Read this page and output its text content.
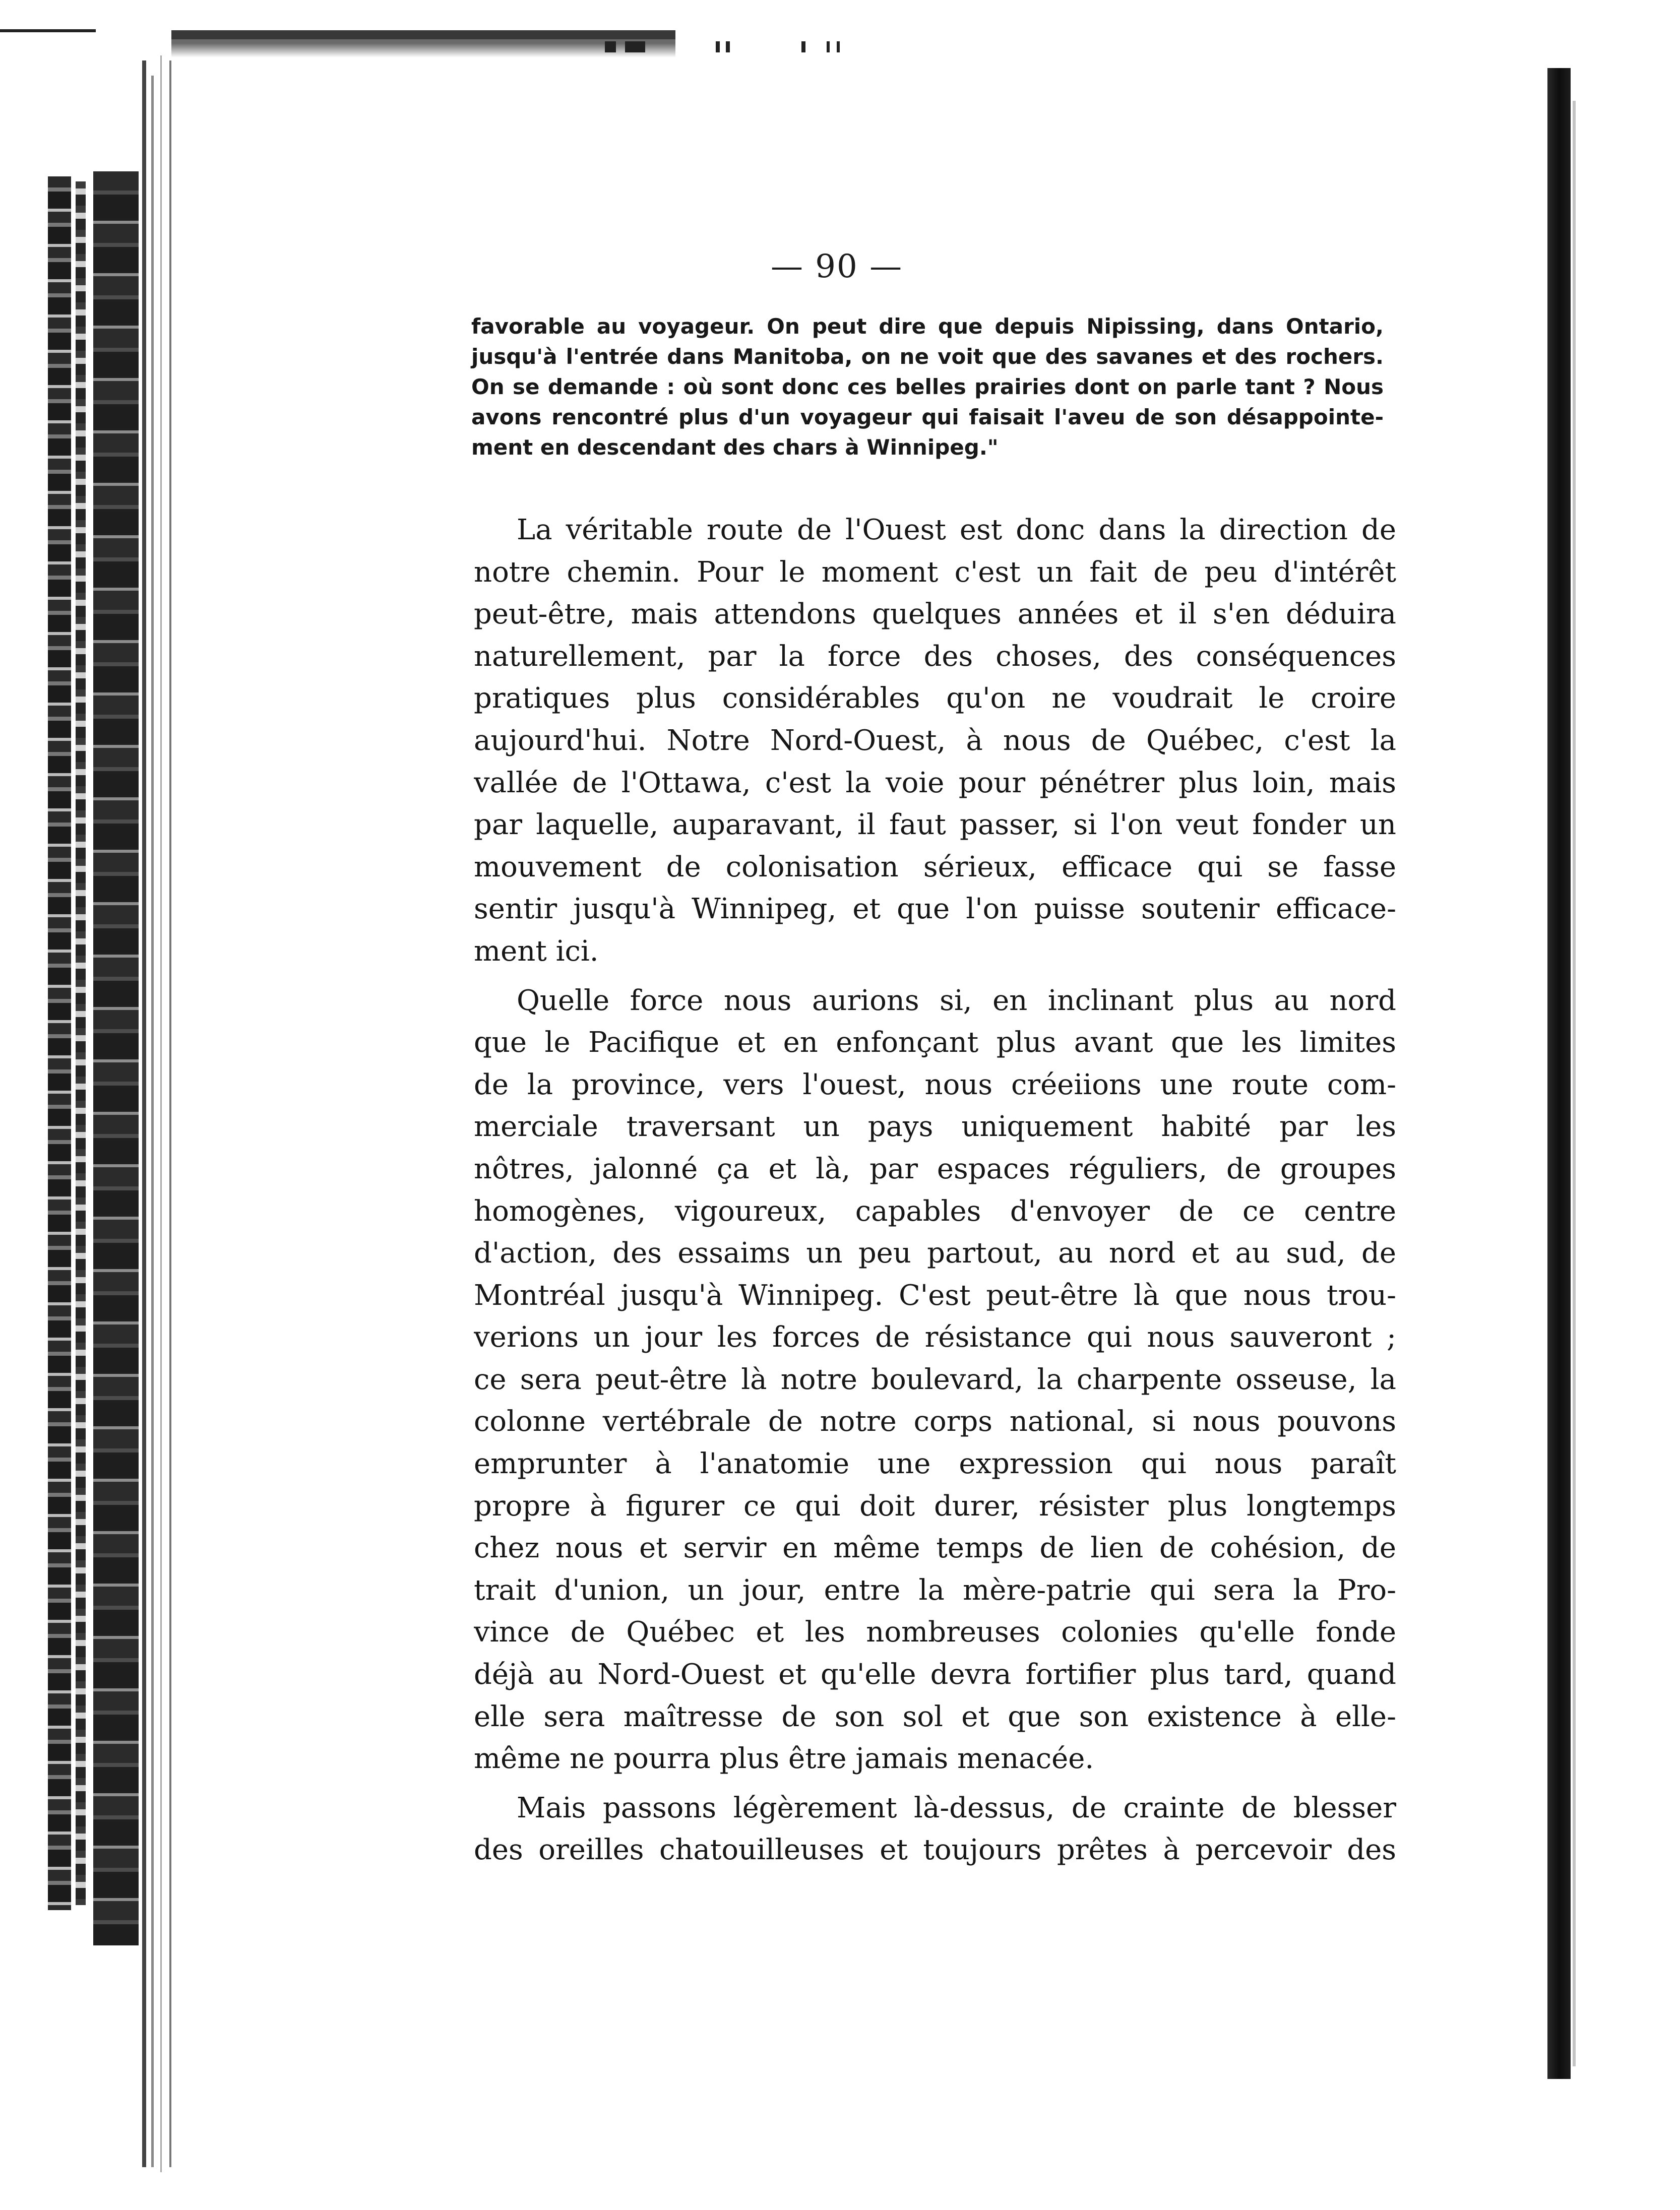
— 90 —
favorable au voyageur. On peut dire que depuis Nipissing, dans Ontario,
jusqu'à l'entrée dans Manitoba, on ne voit que des savanes et des rochers.
On se demande : où sont donc ces belles prairies dont on parle tant ? Nous
avons rencontré plus d'un voyageur qui faisait l'aveu de son désappointe-
ment en descendant des chars à Winnipeg."
La véritable route de l'Ouest est donc dans la direction de
notre chemin. Pour le moment c'est un fait de peu d'intérêt
peut-être, mais attendons quelques années et il s'en déduira
naturellement, par la force des choses, des conséquences
pratiques plus considérables qu'on ne voudrait le croire
aujourd'hui. Notre Nord-Ouest, à nous de Québec, c'est la
vallée de l'Ottawa, c'est la voie pour pénétrer plus loin, mais
par laquelle, auparavant, il faut passer, si l'on veut fonder un
mouvement de colonisation sérieux, efficace qui se fasse
sentir jusqu'à Winnipeg, et que l'on puisse soutenir efficace-
ment ici.
Quelle force nous aurions si, en inclinant plus au nord
que le Pacifique et en enfonçant plus avant que les limites
de la province, vers l'ouest, nous créeiions une route com-
merciale traversant un pays uniquement habité par les
nôtres, jalonné ça et là, par espaces réguliers, de groupes
homogènes, vigoureux, capables d'envoyer de ce centre
d'action, des essaims un peu partout, au nord et au sud, de
Montréal jusqu'à Winnipeg. C'est peut-être là que nous trou-
verions un jour les forces de résistance qui nous sauveront ;
ce sera peut-être là notre boulevard, la charpente osseuse, la
colonne vertébrale de notre corps national, si nous pouvons
emprunter à l'anatomie une expression qui nous paraît
propre à figurer ce qui doit durer, résister plus longtemps
chez nous et servir en même temps de lien de cohésion, de
trait d'union, un jour, entre la mère-patrie qui sera la Pro-
vince de Québec et les nombreuses colonies qu'elle fonde
déjà au Nord-Ouest et qu'elle devra fortifier plus tard, quand
elle sera maîtresse de son sol et que son existence à elle-
même ne pourra plus être jamais menacée.
Mais passons légèrement là-dessus, de crainte de blesser
des oreilles chatouilleuses et toujours prêtes à percevoir des
